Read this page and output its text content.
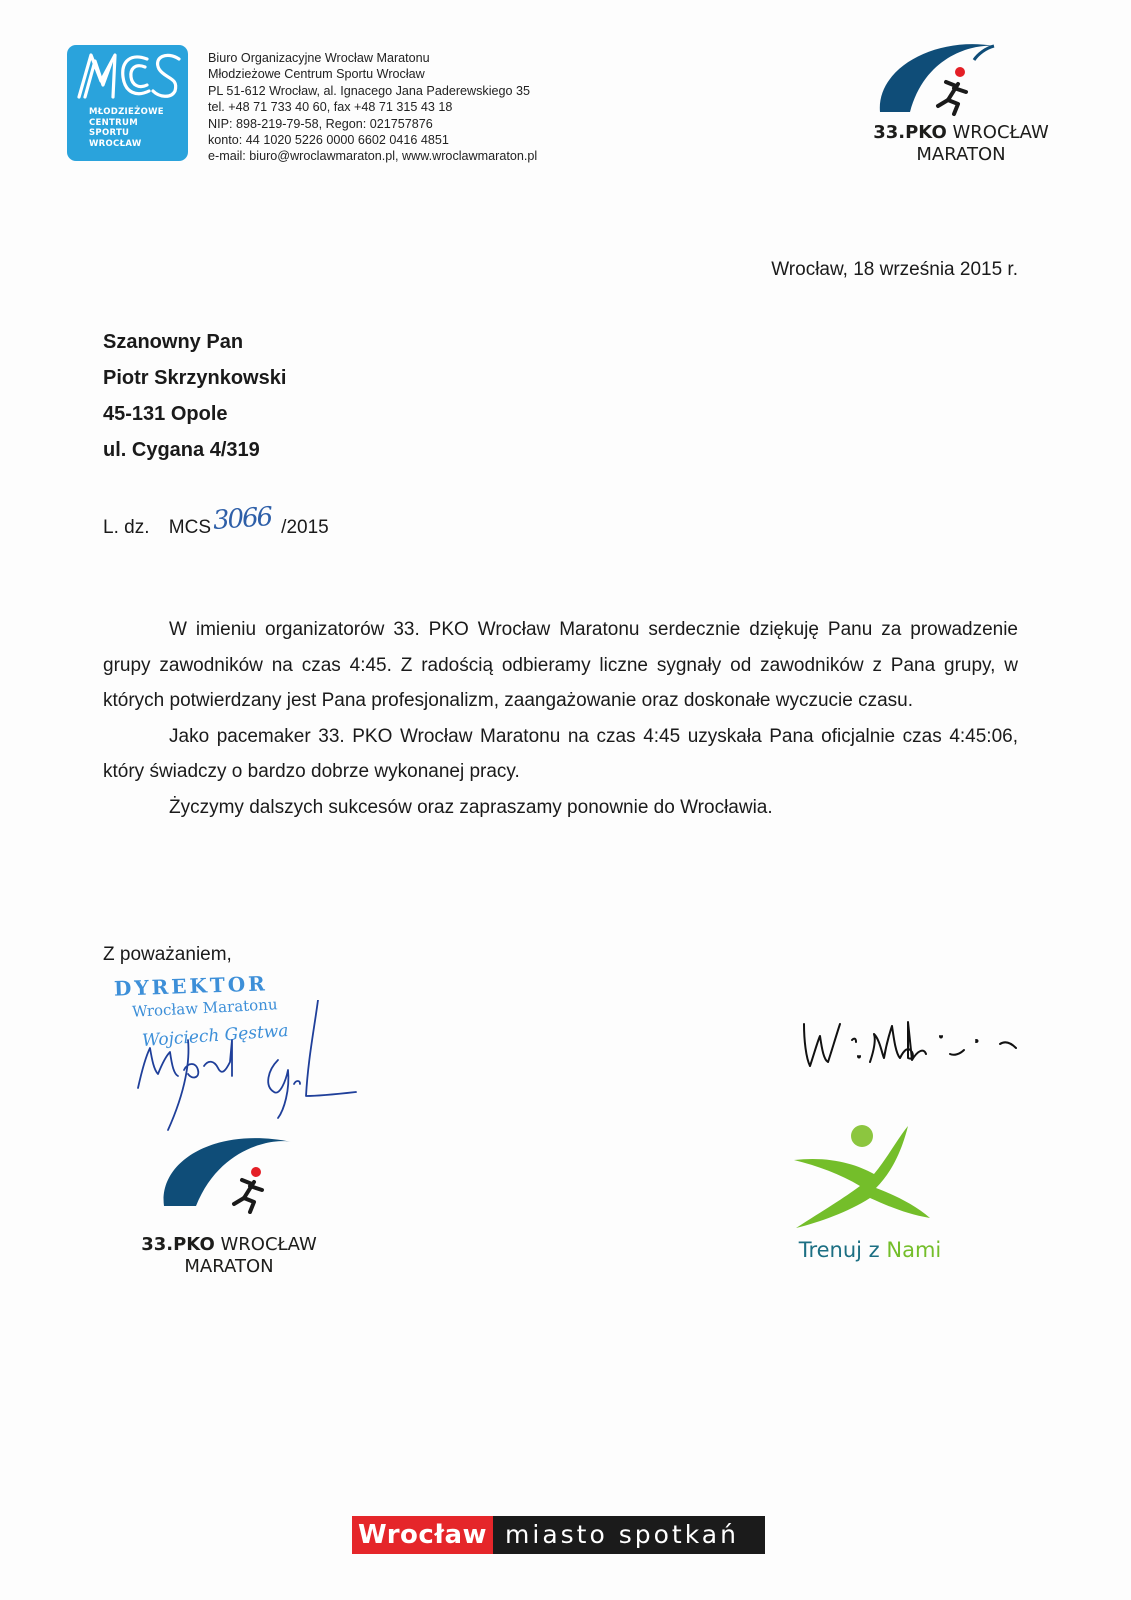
MŁODZIEŻOWE
CENTRUM
SPORTU
WROCŁAW
Biuro Organizacyjne Wrocław Maratonu
Młodzieżowe Centrum Sportu Wrocław
PL 51-612 Wrocław, al. Ignacego Jana Paderewskiego 35
tel. +48 71 733 40 60, fax +48 71 315 43 18
NIP: 898-219-79-58, Regon: 021757876
konto: 44 1020 5226 0000 6602 0416 4851
e-mail: biuro@wroclawmaraton.pl, www.wroclawmaraton.pl
33.PKO WROCŁAW
MARATON
Wrocław, 18 września 2015 r.
Szanowny Pan
Piotr Skrzynkowski
45-131 Opole
ul. Cygana 4/319
L. dz. MCS3066 /2015

W imieniu organizatorów 33. PKO Wrocław Maratonu serdecznie dziękuję Panu za prowadzenie grupy zawodników na czas 4:45. Z radością odbieramy liczne sygnały od zawodników z Pana grupy, w których potwierdzany jest Pana profesjonalizm, zaangażowanie oraz doskonałe wyczucie czasu.

Jako pacemaker 33. PKO Wrocław Maratonu na czas 4:45 uzyskała Pana oficjalnie czas 4:45:06, który świadczy o bardzo dobrze wykonanej pracy.

Życzymy dalszych sukcesów oraz zapraszamy ponownie do Wrocławia.

Z poważaniem,
DYREKTOR
Wrocław Maratonu
Wojciech Gęstwa
33.PKO WROCŁAW
MARATON
Trenuj z Nami
Wrocław miasto spotkań
